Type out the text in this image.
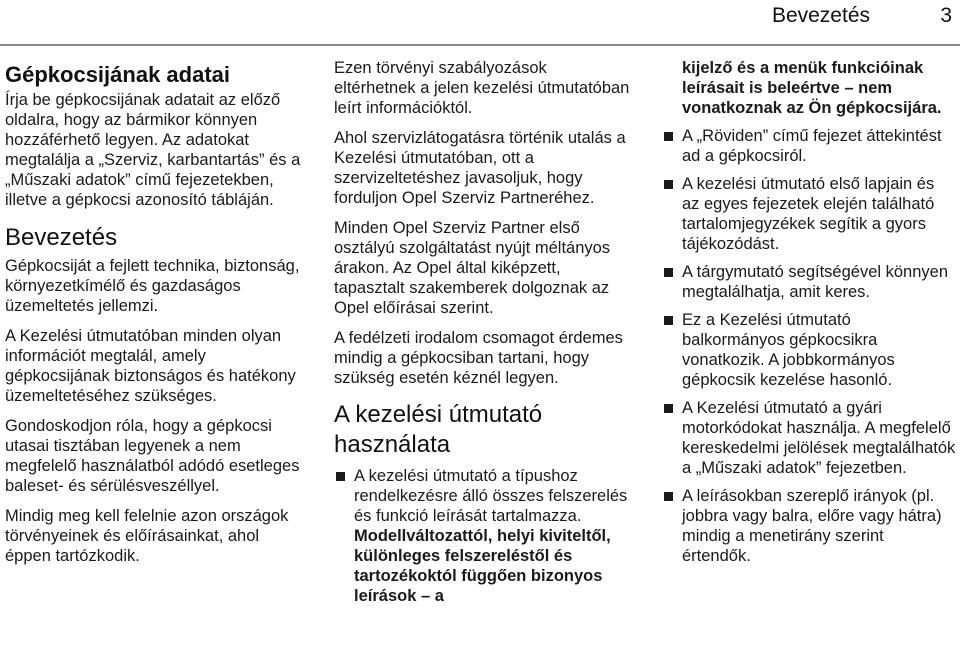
Bevezetés	3
Gépkocsijának adatai

Írja be gépkocsijának adatait az előző oldalra, hogy az bármikor könnyen hozzáférhető legyen. Az adatokat megtalálja a „Szerviz, karbantartás” és a „Műszaki adatok” című fejezetekben, illetve a gépkocsi azonosító tábláján.

Bevezetés

Gépkocsiját a fejlett technika, biztonság, környezetkímélő és gazdaságos üzemeltetés jellemzi.

A Kezelési útmutatóban minden olyan információt megtalál, amely gépkocsijának biztonságos és hatékony üzemeltetéséhez szükséges.

Gondoskodjon róla, hogy a gépkocsi utasai tisztában legyenek a nem megfelelő használatból adódó esetleges baleset- és sérülésveszéllyel.

Mindig meg kell felelnie azon országok törvényeinek és előírásainkat, ahol éppen tartózkodik.

Ezen törvényi szabályozások eltérhetnek a jelen kezelési útmutatóban leírt információktól.

Ahol szervizlátogatásra történik utalás a Kezelési útmutatóban, ott a szervizeltetéshez javasoljuk, hogy forduljon Opel Szerviz Partneréhez.

Minden Opel Szerviz Partner első osztályú szolgáltatást nyújt méltányos árakon. Az Opel által kiképzett, tapasztalt szakemberek dolgoznak az Opel előírásai szerint.

A fedélzeti irodalom csomagot érdemes mindig a gépkocsiban tartani, hogy szükség esetén kéznél legyen.

A kezelési útmutató használata
A kezelési útmutató a típushoz rendelkezésre álló összes felszerelés és funkció leírását tartalmazza. Modellváltozattól, helyi kiviteltől, különleges felszereléstől és tartozékoktól függően bizonyos leírások – a
kijelző és a menük funkcióinak leírásait is beleértve – nem vonatkoznak az Ön gépkocsijára.
A „Röviden” című fejezet áttekintést ad a gépkocsiról.
A kezelési útmutató első lapjain és az egyes fejezetek elején található tartalomjegyzékek segítik a gyors tájékozódást.
A tárgymutató segítségével könnyen megtalálhatja, amit keres.
Ez a Kezelési útmutató balkormányos gépkocsikra vonatkozik. A jobbkormányos gépkocsik kezelése hasonló.
A Kezelési útmutató a gyári motorkódokat használja. A megfelelő kereskedelmi jelölések megtalálhatók a „Műszaki adatok” fejezetben.
A leírásokban szereplő irányok (pl. jobbra vagy balra, előre vagy hátra) mindig a menetirány szerint értendők.
